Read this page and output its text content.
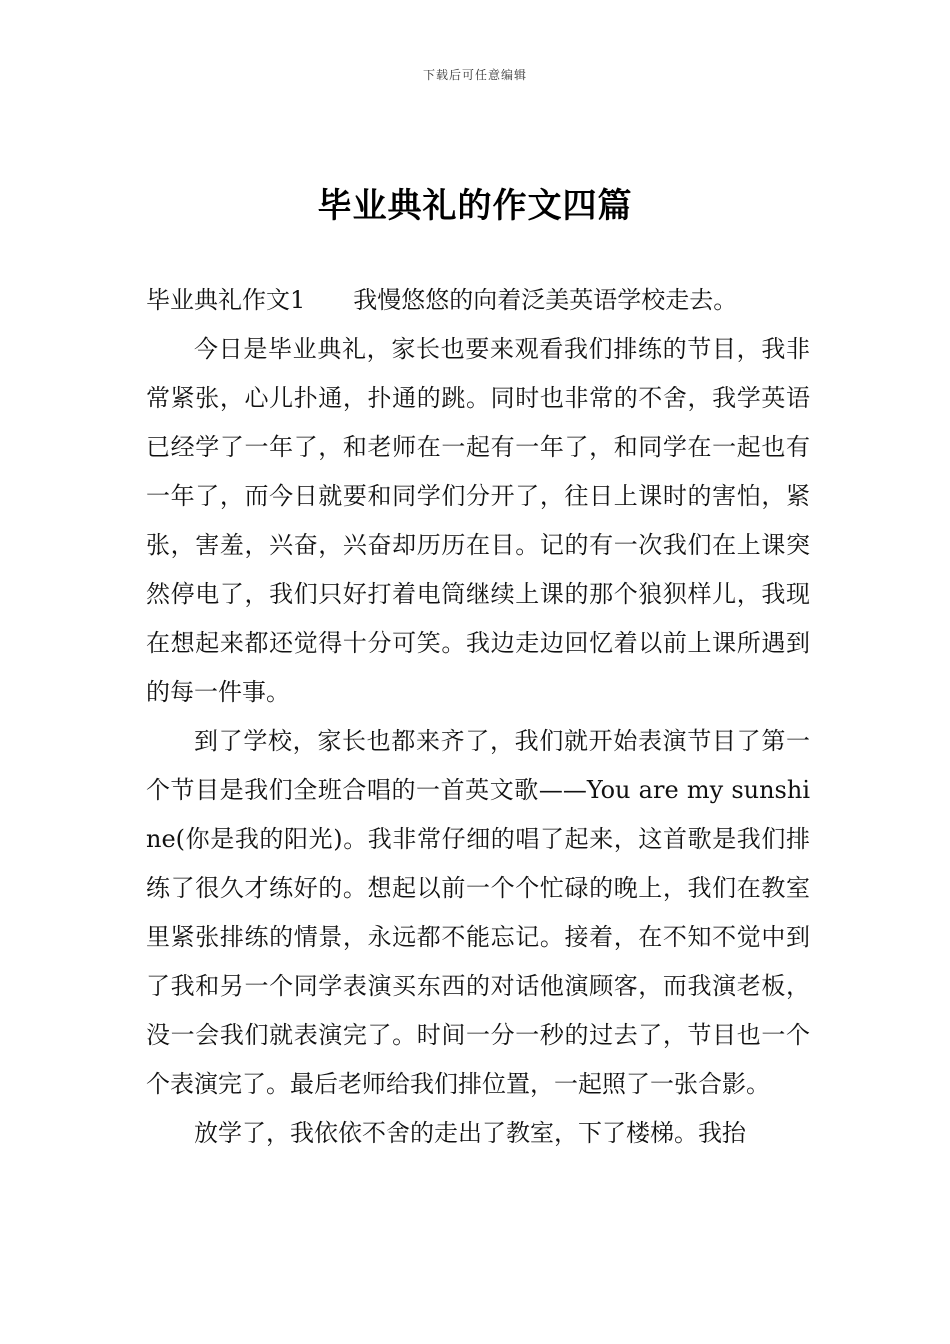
下载后可任意编辑
毕业典礼的作文四篇

毕业典礼作文1 我慢悠悠的向着泛美英语学校走去。

今日是毕业典礼，家长也要来观看我们排练的节目，我非常紧张，心儿扑通，扑通的跳。同时也非常的不舍，我学英语已经学了一年了，和老师在一起有一年了，和同学在一起也有一年了，而今日就要和同学们分开了，往日上课时的害怕，紧张，害羞，兴奋，兴奋却历历在目。记的有一次我们在上课突然停电了，我们只好打着电筒继续上课的那个狼狈样儿，我现在想起来都还觉得十分可笑。我边走边回忆着以前上课所遇到的每一件事。

到了学校，家长也都来齐了，我们就开始表演节目了第一个节目是我们全班合唱的一首英文歌——You are my sunshine(你是我的阳光)。我非常仔细的唱了起来，这首歌是我们排练了很久才练好的。想起以前一个个忙碌的晚上，我们在教室里紧张排练的情景，永远都不能忘记。接着，在不知不觉中到了我和另一个同学表演买东西的对话他演顾客，而我演老板，没一会我们就表演完了。时间一分一秒的过去了，节目也一个个表演完了。最后老师给我们排位置，一起照了一张合影。

放学了，我依依不舍的走出了教室，下了楼梯。我抬
